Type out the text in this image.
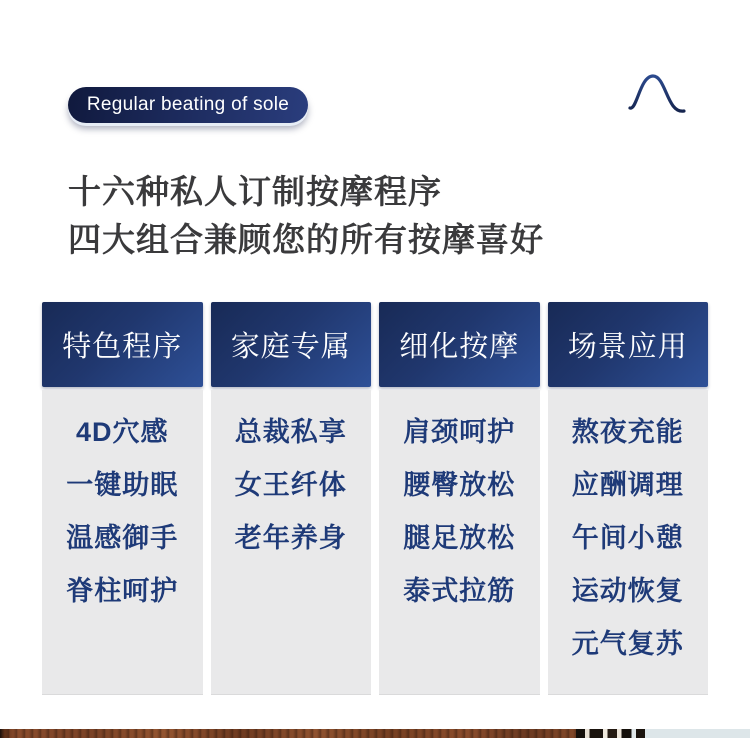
Regular beating of sole
十六种私人订制按摩程序
四大组合兼顾您的所有按摩喜好
特色程序
4D穴感
一键助眠
温感御手
脊柱呵护
家庭专属
总裁私享
女王纤体
老年养身
细化按摩
肩颈呵护
腰臀放松
腿足放松
泰式拉筋
场景应用
熬夜充能
应酬调理
午间小憩
运动恢复
元气复苏
